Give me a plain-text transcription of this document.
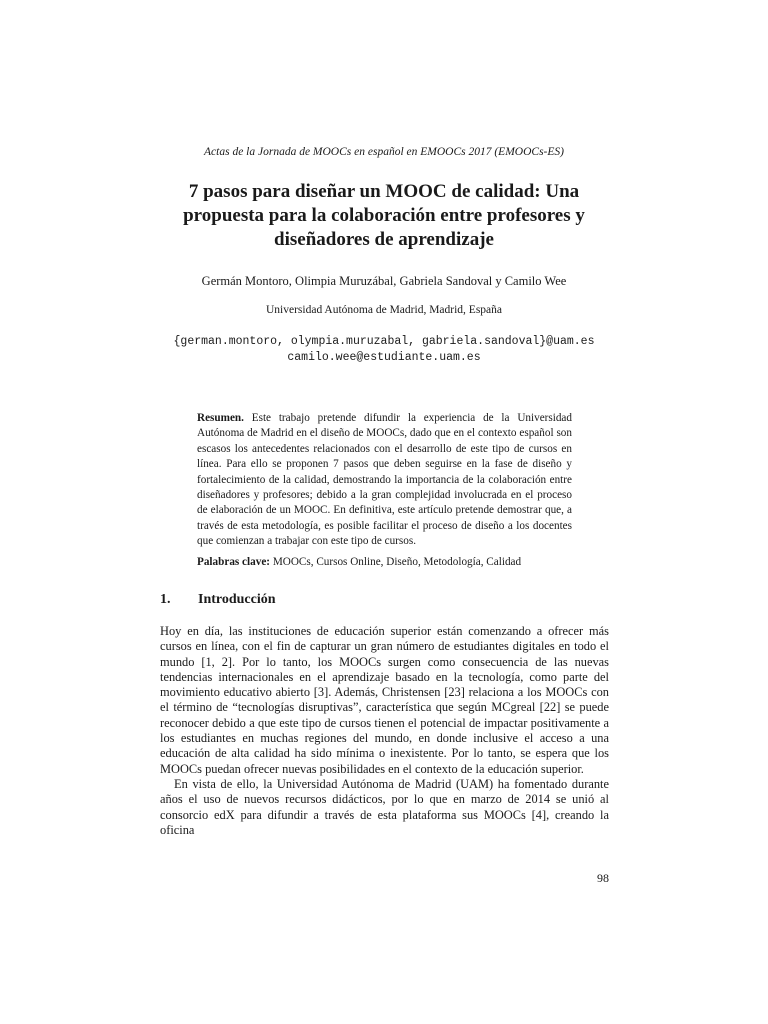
Actas de la Jornada de MOOCs en español en EMOOCs 2017 (EMOOCs-ES)
7 pasos para diseñar un MOOC de calidad: Una propuesta para la colaboración entre profesores y diseñadores de aprendizaje
Germán Montoro, Olimpia Muruzábal, Gabriela Sandoval y Camilo Wee
Universidad Autónoma de Madrid, Madrid, España
{german.montoro, olympia.muruzabal, gabriela.sandoval}@uam.es
camilo.wee@estudiante.uam.es
Resumen. Este trabajo pretende difundir la experiencia de la Universidad Autónoma de Madrid en el diseño de MOOCs, dado que en el contexto español son escasos los antecedentes relacionados con el desarrollo de este tipo de cursos en línea. Para ello se proponen 7 pasos que deben seguirse en la fase de diseño y fortalecimiento de la calidad, demostrando la importancia de la colaboración entre diseñadores y profesores; debido a la gran complejidad involucrada en el proceso de elaboración de un MOOC. En definitiva, este artículo pretende demostrar que, a través de esta metodología, es posible facilitar el proceso de diseño a los docentes que comienzan a trabajar con este tipo de cursos.
Palabras clave: MOOCs, Cursos Online, Diseño, Metodología, Calidad
1. Introducción

Hoy en día, las instituciones de educación superior están comenzando a ofrecer más cursos en línea, con el fin de capturar un gran número de estudiantes digitales en todo el mundo [1, 2]. Por lo tanto, los MOOCs surgen como consecuencia de las nuevas tendencias internacionales en el aprendizaje basado en la tecnología, como parte del movimiento educativo abierto [3]. Además, Christensen [23] relaciona a los MOOCs con el término de “tecnologías disruptivas”, característica que según MCgreal [22] se puede reconocer debido a que este tipo de cursos tienen el potencial de impactar positivamente a los estudiantes en muchas regiones del mundo, en donde inclusive el acceso a una educación de alta calidad ha sido mínima o inexistente. Por lo tanto, se espera que los MOOCs puedan ofrecer nuevas posibilidades en el contexto de la educación superior.

En vista de ello, la Universidad Autónoma de Madrid (UAM) ha fomentado durante años el uso de nuevos recursos didácticos, por lo que en marzo de 2014 se unió al consorcio edX para difundir a través de esta plataforma sus MOOCs [4], creando la oficina

98
